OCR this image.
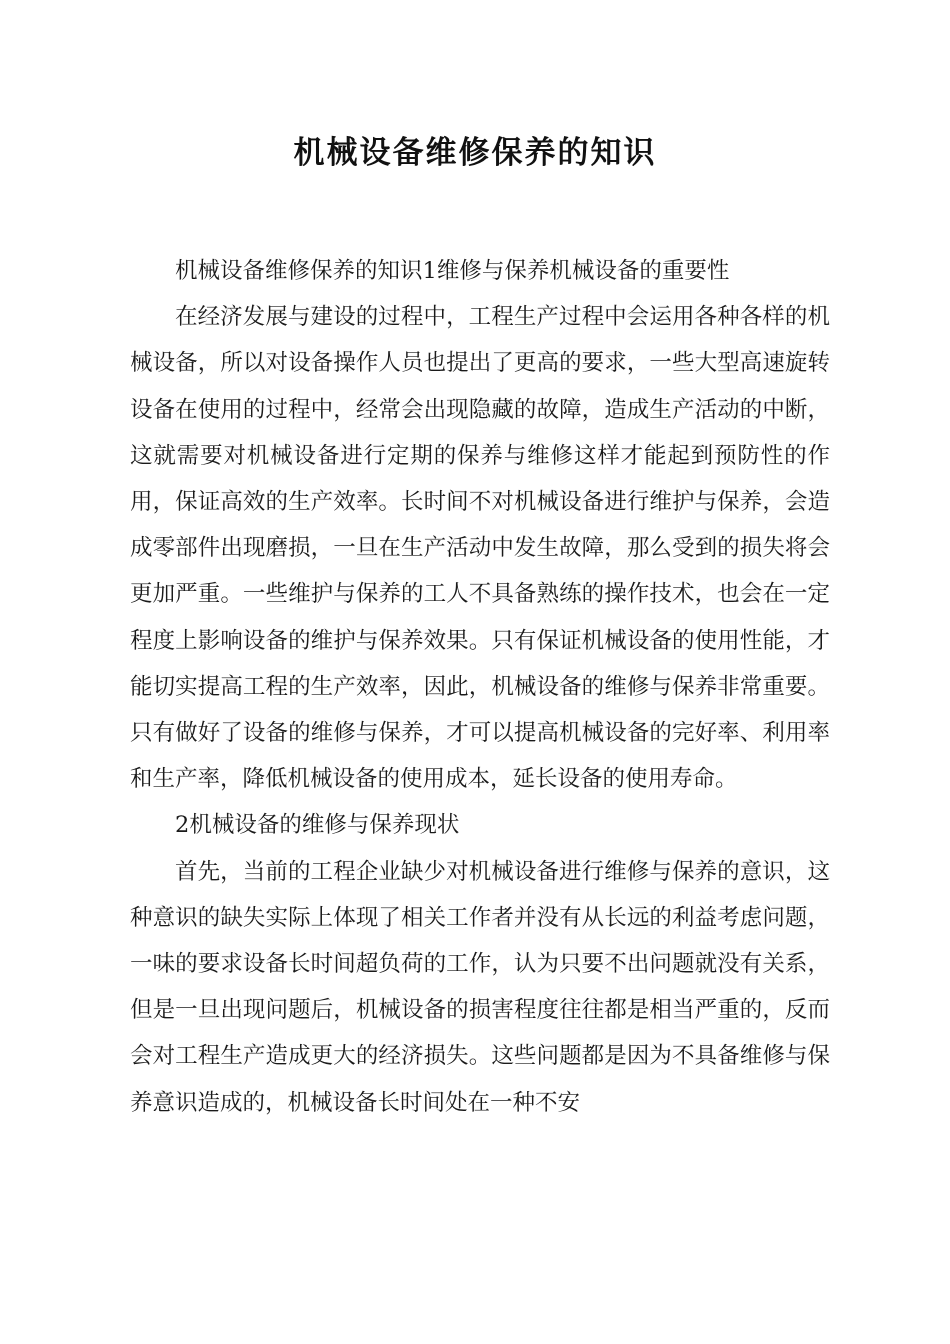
机械设备维修保养的知识

机械设备维修保养的知识1维修与保养机械设备的重要性

在经济发展与建设的过程中，工程生产过程中会运用各种各样的机械设备，所以对设备操作人员也提出了更高的要求，一些大型高速旋转设备在使用的过程中，经常会出现隐藏的故障，造成生产活动的中断，这就需要对机械设备进行定期的保养与维修这样才能起到预防性的作用，保证高效的生产效率。长时间不对机械设备进行维护与保养，会造成零部件出现磨损，一旦在生产活动中发生故障，那么受到的损失将会更加严重。一些维护与保养的工人不具备熟练的操作技术，也会在一定程度上影响设备的维护与保养效果。只有保证机械设备的使用性能，才能切实提高工程的生产效率，因此，机械设备的维修与保养非常重要。只有做好了设备的维修与保养，才可以提高机械设备的完好率、利用率和生产率，降低机械设备的使用成本，延长设备的使用寿命。

2机械设备的维修与保养现状

首先，当前的工程企业缺少对机械设备进行维修与保养的意识，这种意识的缺失实际上体现了相关工作者并没有从长远的利益考虑问题，一味的要求设备长时间超负荷的工作，认为只要不出问题就没有关系，但是一旦出现问题后，机械设备的损害程度往往都是相当严重的，反而会对工程生产造成更大的经济损失。这些问题都是因为不具备维修与保养意识造成的，机械设备长时间处在一种不安
